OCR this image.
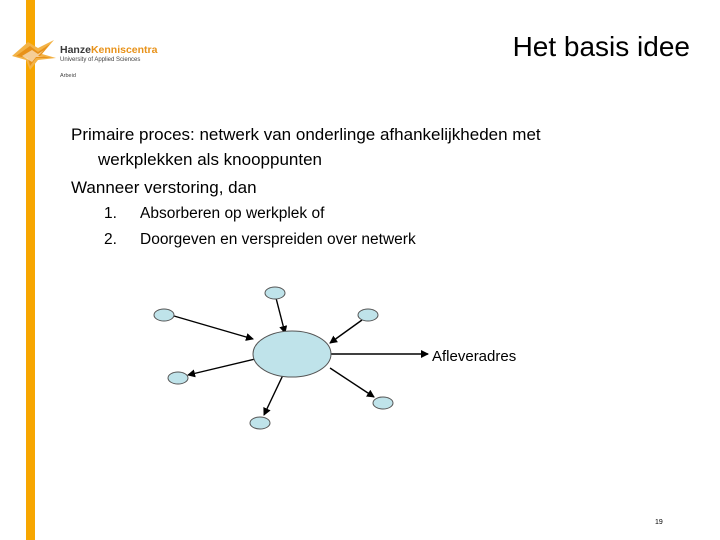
HanzeKenniscentra
University of Applied Sciences
Arbeid
Het basis idee
Primaire proces: netwerk van onderlinge afhankelijkheden met
werkplekken als knooppunten
Wanneer verstoring, dan
1. Absorberen op werkplek of
2. Doorgeven en verspreiden over netwerk
Afleveradres
19
